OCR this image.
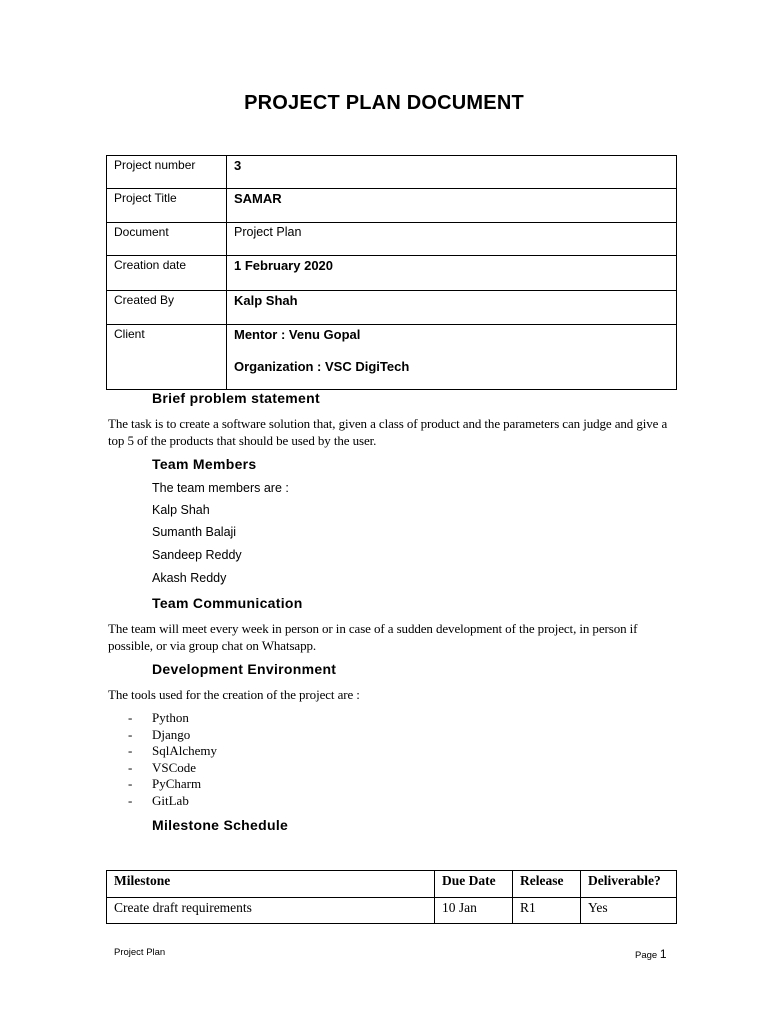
PROJECT PLAN DOCUMENT
Project number	3
Project Title	SAMAR
Document	Project Plan
Creation date	1 February 2020
Created By	Kalp Shah
Client	Mentor : Venu Gopal
Organization : VSC DigiTech
Brief problem statement
The task is to create a software solution that, given a class of product and the parameters can judge and give a top 5 of the products that should be used by the user.
Team Members
The team members are :
Kalp Shah
Sumanth Balaji
Sandeep Reddy
Akash Reddy
Team Communication
The team will meet every week in person or in case of a sudden development of the project, in person if possible, or via group chat on Whatsapp.
Development Environment
The tools used for the creation of the project are :
- Python
- Django
- SqlAlchemy
- VSCode
- PyCharm
- GitLab
Milestone Schedule
Milestone	Due Date	Release	Deliverable?
Create draft requirements	10 Jan	R1	Yes
Project Plan	Page 1
